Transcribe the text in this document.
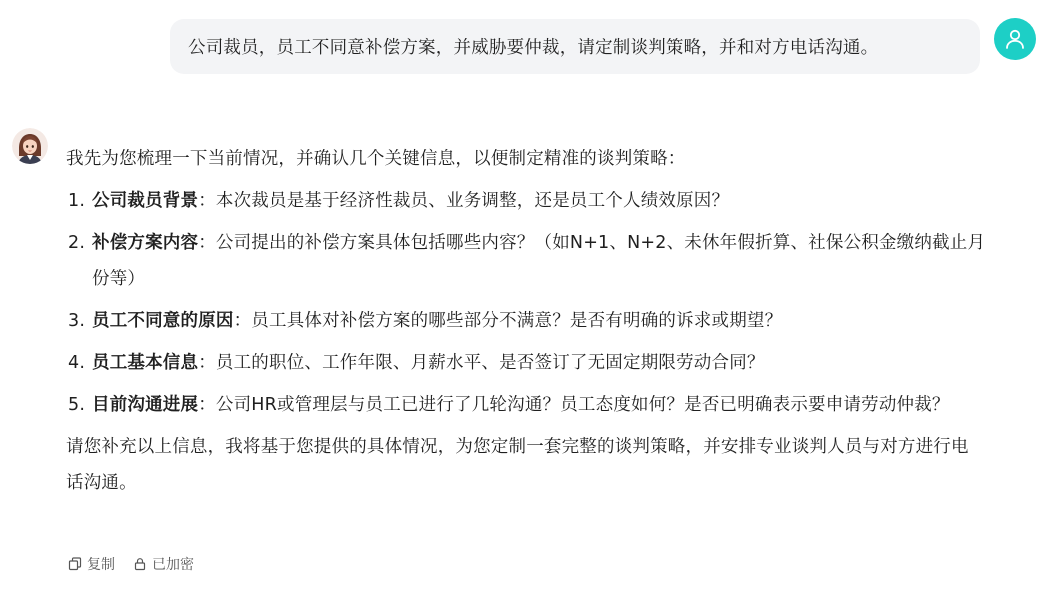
公司裁员，员工不同意补偿方案，并威胁要仲裁，请定制谈判策略，并和对方电话沟通。

我先为您梳理一下当前情况，并确认几个关键信息，以便制定精准的谈判策略：

1. 公司裁员背景：本次裁员是基于经济性裁员、业务调整，还是员工个人绩效原因？
2. 补偿方案内容：公司提出的补偿方案具体包括哪些内容？（如N+1、N+2、未休年假折算、社保公积金缴纳截止月份等）
3. 员工不同意的原因：员工具体对补偿方案的哪些部分不满意？是否有明确的诉求或期望？
4. 员工基本信息：员工的职位、工作年限、月薪水平、是否签订了无固定期限劳动合同？
5. 目前沟通进展：公司HR或管理层与员工已进行了几轮沟通？员工态度如何？是否已明确表示要申请劳动仲裁？

请您补充以上信息，我将基于您提供的具体情况，为您定制一套完整的谈判策略，并安排专业谈判人员与对方进行电话沟通。

复制	已加密
